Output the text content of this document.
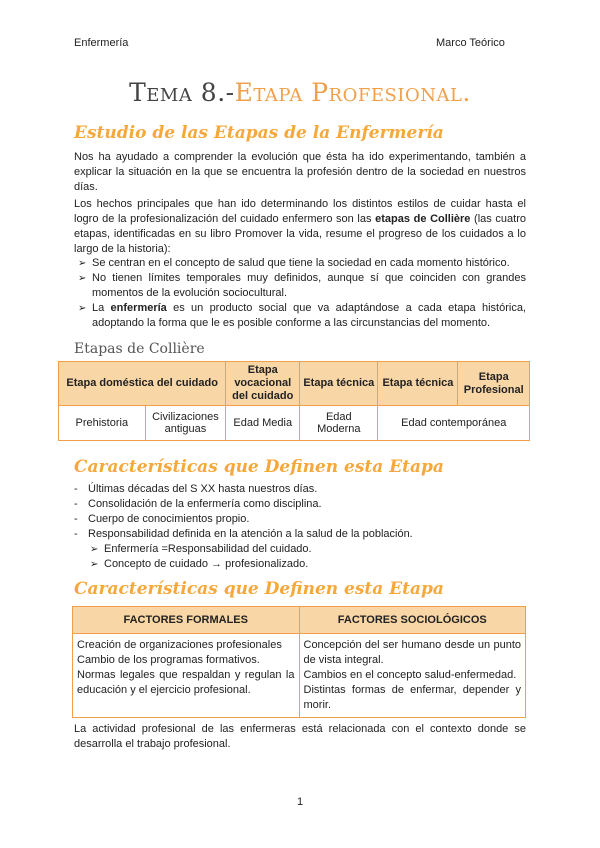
Enfermería	Marco Teórico
Tema 8.-Etapa Profesional.
Estudio de las Etapas de la Enfermería
Nos ha ayudado a comprender la evolución que ésta ha ido experimentando, también a explicar la situación en la que se encuentra la profesión dentro de la sociedad en nuestros días.
Los hechos principales que han ido determinando los distintos estilos de cuidar hasta el logro de la profesionalización del cuidado enfermero son las etapas de Collière (las cuatro etapas, identificadas en su libro Promover la vida, resume el progreso de los cuidados a lo largo de la historia):
➢ Se centran en el concepto de salud que tiene la sociedad en cada momento histórico.
➢ No tienen límites temporales muy definidos, aunque sí que coinciden con grandes momentos de la evolución sociocultural.
➢ La enfermería es un producto social que va adaptándose a cada etapa histórica, adoptando la forma que le es posible conforme a las circunstancias del momento.
Etapas de Collière
Etapa doméstica del cuidado		Etapa vocacional del cuidado	Etapa técnica	Etapa técnica	Etapa Profesional
Prehistoria	Civilizaciones antiguas	Edad Media	Edad Moderna	Edad contemporánea	
Características que Definen esta Etapa
- Últimas décadas del S XX hasta nuestros días.
- Consolidación de la enfermería como disciplina.
- Cuerpo de conocimientos propio.
- Responsabilidad definida en la atención a la salud de la población.
➢ Enfermería =Responsabilidad del cuidado.
➢ Concepto de cuidado → profesionalizado.
Características que Definen esta Etapa
FACTORES FORMALES	FACTORES SOCIOLÓGICOS

Creación de organizaciones profesionales
Cambio de los programas formativos.
Normas legales que respaldan y regulan la educación y el ejercicio profesional.	Concepción del ser humano desde un punto de vista integral.
Cambios en el concepto salud-enfermedad.
Distintas formas de enfermar, depender y morir.
La actividad profesional de las enfermeras está relacionada con el contexto donde se desarrolla el trabajo profesional.
1
